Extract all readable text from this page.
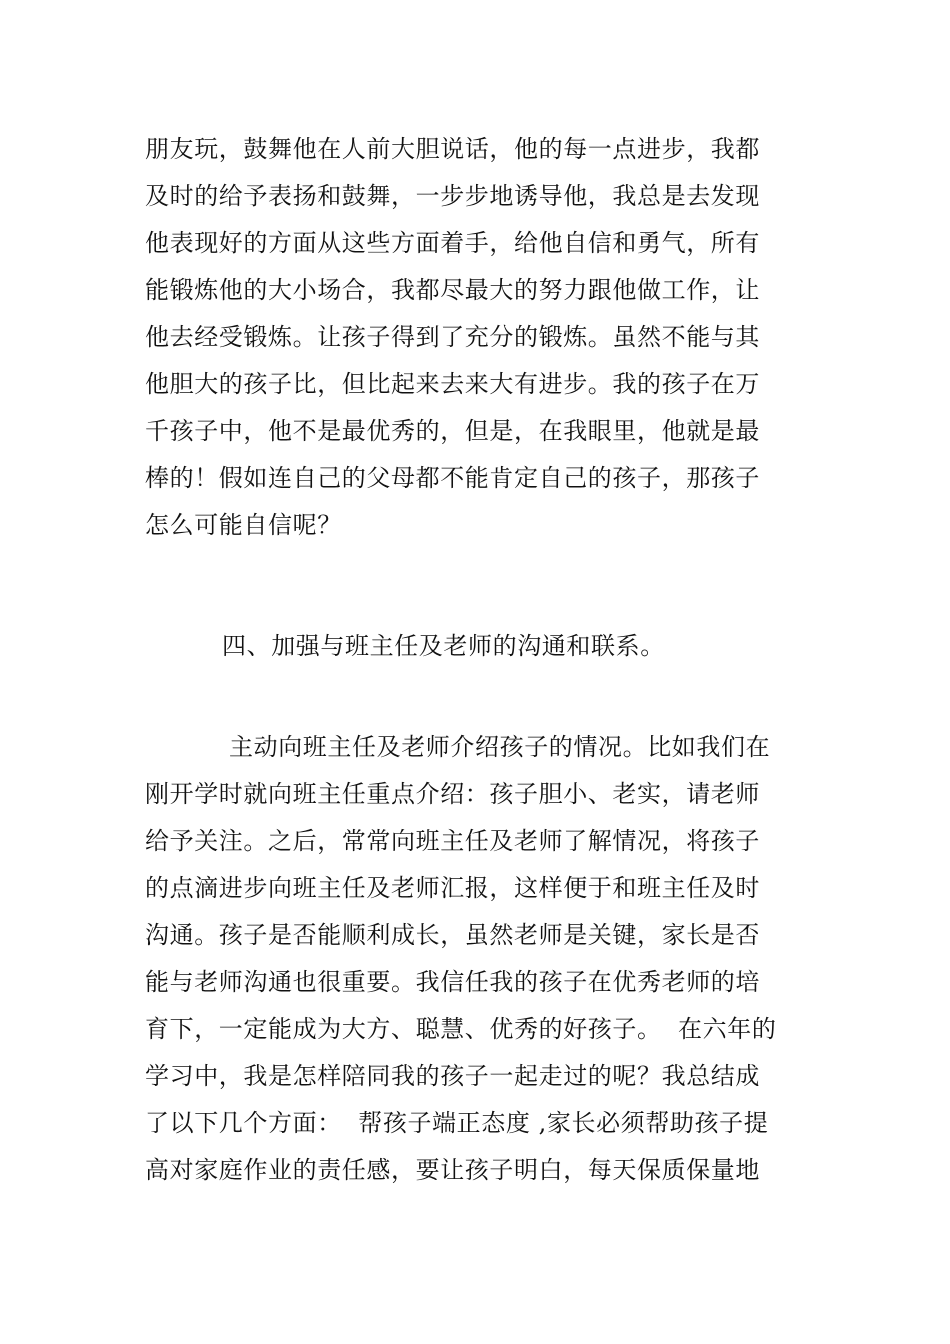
朋友玩，鼓舞他在人前大胆说话，他的每一点进步，我都
及时的给予表扬和鼓舞，一步步地诱导他，我总是去发现
他表现好的方面从这些方面着手，给他自信和勇气，所有
能锻炼他的大小场合，我都尽最大的努力跟他做工作，让
他去经受锻炼。让孩子得到了充分的锻炼。虽然不能与其
他胆大的孩子比，但比起来去来大有进步。我的孩子在万
千孩子中，他不是最优秀的，但是，在我眼里，他就是最
棒的！假如连自己的父母都不能肯定自己的孩子，那孩子
怎么可能自信呢？
四、加强与班主任及老师的沟通和联系。
主动向班主任及老师介绍孩子的情况。比如我们在
刚开学时就向班主任重点介绍：孩子胆小、老实，请老师
给予关注。之后，常常向班主任及老师了解情况，将孩子
的点滴进步向班主任及老师汇报，这样便于和班主任及时
沟通。孩子是否能顺利成长，虽然老师是关键，家长是否
能与老师沟通也很重要。我信任我的孩子在优秀老师的培
育下，一定能成为大方、聪慧、优秀的好孩子。  在六年的
学习中，我是怎样陪同我的孩子一起走过的呢？我总结成
了以下几个方面：  帮孩子端正态度 ,家长必须帮助孩子提
高对家庭作业的责任感，要让孩子明白，每天保质保量地
